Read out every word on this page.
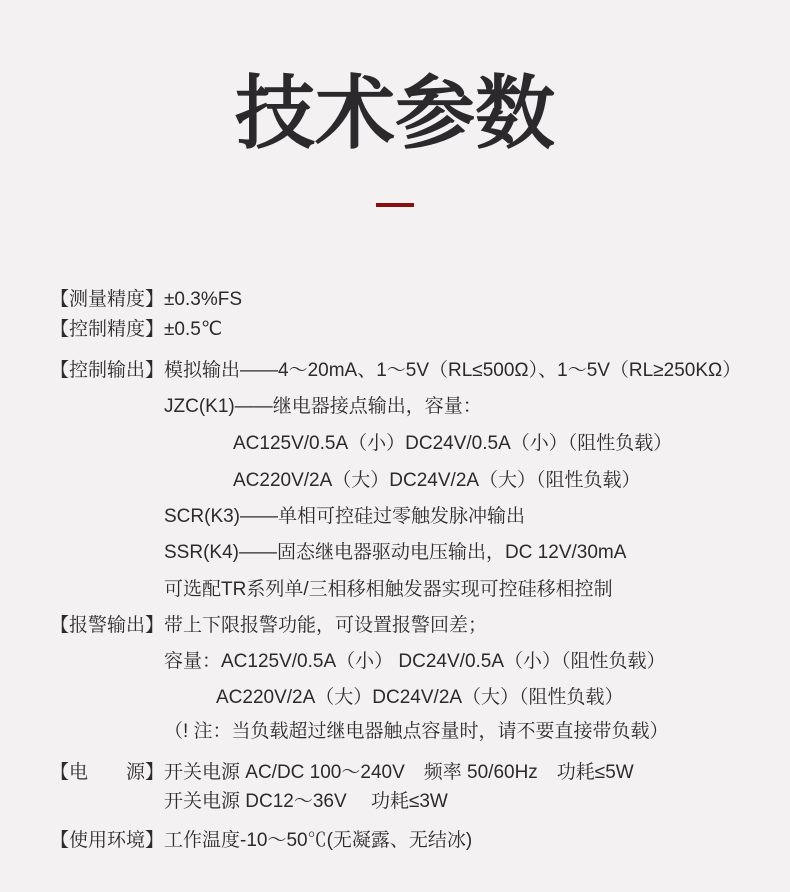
技术参数
【测量精度】 ±0.3%FS
【控制精度】 ±0.5℃
【控制输出】 模拟输出——4～20mA、1～5V（RL≤500Ω）、1～5V（RL≥250KΩ）
JZC(K1)——继电器接点输出，容量：
AC125V/0.5A（小）DC24V/0.5A（小）（阻性负载）
AC220V/2A（大）DC24V/2A（大）（阻性负载）
SCR(K3)——单相可控硅过零触发脉冲输出
SSR(K4)——固态继电器驱动电压输出，DC 12V/30mA
可选配TR系列单/三相移相触发器实现可控硅移相控制
【报警输出】 带上下限报警功能，可设置报警回差；
容量：AC125V/0.5A（小） DC24V/0.5A（小）（阻性负载）
AC220V/2A（大）DC24V/2A（大）（阻性负载）
（! 注：当负载超过继电器触点容量时，请不要直接带负载）
【电　　源】 开关电源 AC/DC 100～240V　频率 50/60Hz　功耗≤5W
开关电源 DC12～36V　 功耗≤3W
【使用环境】 工作温度-10～50℃(无凝露、无结冰)
